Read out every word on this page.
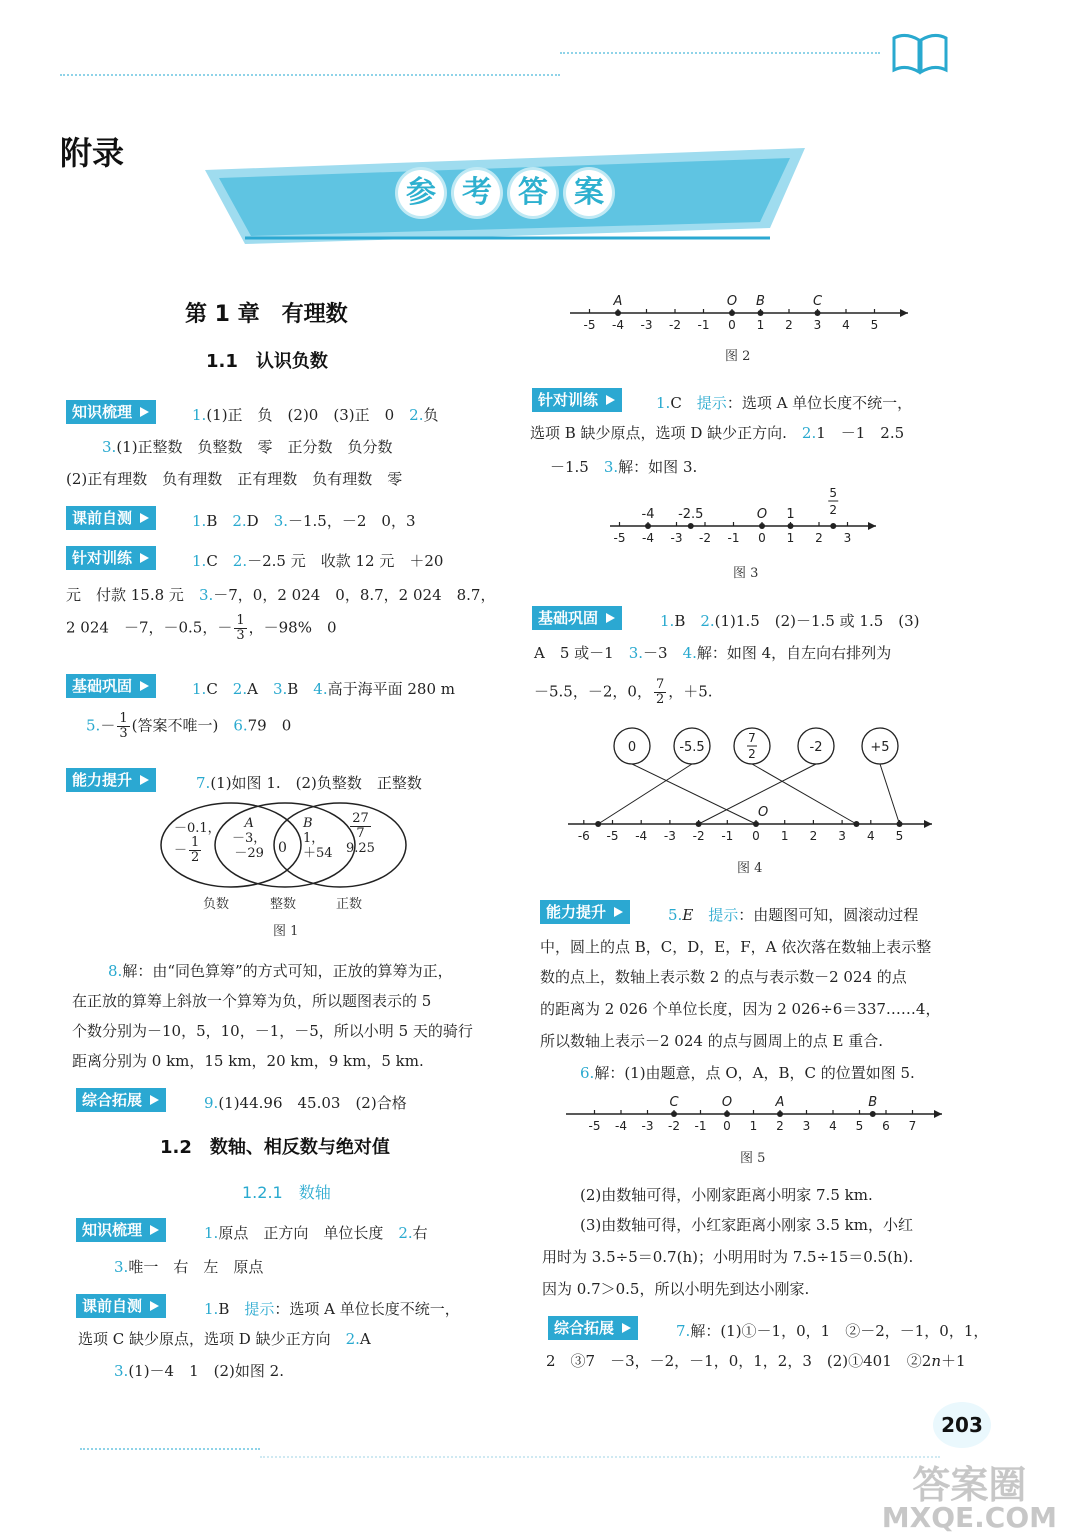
附录
参 考 答 案
第 1 章　有理数
1.1　认识负数
知识梳理	1.(1)正　负　(2)0　(3)正　0　2.负
3.(1)正整数　负整数　零　正分数　负分数
(2)正有理数　负有理数　正有理数　负有理数　零
课前自测	1.B　2.D　3.－1.5，－2　0，3
针对训练	1.C　2.－2.5 元　收款 12 元　＋20
元　付款 15.8 元　3.－7，0，2 024　0，8.7，2 024　8.7，
2 024　－7，－0.5，－ $\frac{1}{3}$ ，－98%　0
基础巩固	1.C　2.A　3.B　4.高于海平面 280 m
$5.- \frac{1}{3}$ (答案不唯一)　6.79　0
能力提升	7.(1)如图 1.　(2)负整数　正整数
－0.1，
－ $\frac{1}{2}$
A
－3，
－29 0
B
1，
＋54
$\frac{27}{7}$

9.25
负数	整数	正数
图 1
8.解：由“同色算筹”的方式可知，正放的算筹为正，
在正放的算筹上斜放一个算筹为负，所以题图表示的 5
个数分别为－10，5，10，－1，－5，所以小明 5 天的骑行
距离分别为 0 km，15 km，20 km，9 km，5 km.
综合拓展	9.(1)44.96　45.03　(2)合格
1.2　数轴、相反数与绝对值
1.2.1　数轴
知识梳理	1.原点　正方向　单位长度　2.右
3.唯一　右　左　原点
课前自测	1.B　提示：选项 A 单位长度不统一，
选项 C 缺少原点，选项 D 缺少正方向　2.A
3.(1)－4　1　(2)如图 2.
-5 -4 -3 -2 -1 0 1 2 3 4 5
A	O B	C
图 2
针对训练	1.C　提示：选项 A 单位长度不统一，
选项 B 缺少原点，选项 D 缺少正方向.　2.1　－1　2.5
－1.5　3.解：如图 3.
-5 -4 -3 -2 -1 0 1 2 3
-4 -2.5	O 1
5
2
图 3
基础巩固	1.B　2.(1)1.5　(2)－1.5 或 1.5　(3)
A　5 或－1　3.－3　4.解：如图 4，自左向右排列为
－5.5，－2，0， $\frac{7}{2}$ ，＋5.
-6 -5 -4 -3 -2 -1 0 1 2 3 4 5
O
0	-5.5
7
2	-2	+5
图 4
能力提升	5.E　提示：由题图可知，圆滚动过程
中，圆上的点 B，C，D，E，F，A 依次落在数轴上表示整
数的点上，数轴上表示数 2 的点与表示数－2 024 的点
的距离为 2 026 个单位长度，因为 2 026÷6＝337……4，
所以数轴上表示－2 024 的点与圆周上的点 E 重合.
6.解：(1)由题意，点 O，A，B，C 的位置如图 5.
-5 -4 -3 -2 -1 0 1 2 3 4 5 6 7
C	O	A	B
图 5
(2)由数轴可得，小刚家距离小明家 7.5 km.
(3)由数轴可得，小红家距离小刚家 3.5 km，小红
用时为 3.5÷5＝0.7(h)；小明用时为 7.5÷15＝0.5(h).
因为 0.7＞0.5，所以小明先到达小刚家.
综合拓展	7.解：(1)①－1，0，1　②－2，－1，0，1，
2　③7　－3，－2，－1，0，1，2，3　(2)①401　②2n＋1
203
答案圈
MXQE.COM
